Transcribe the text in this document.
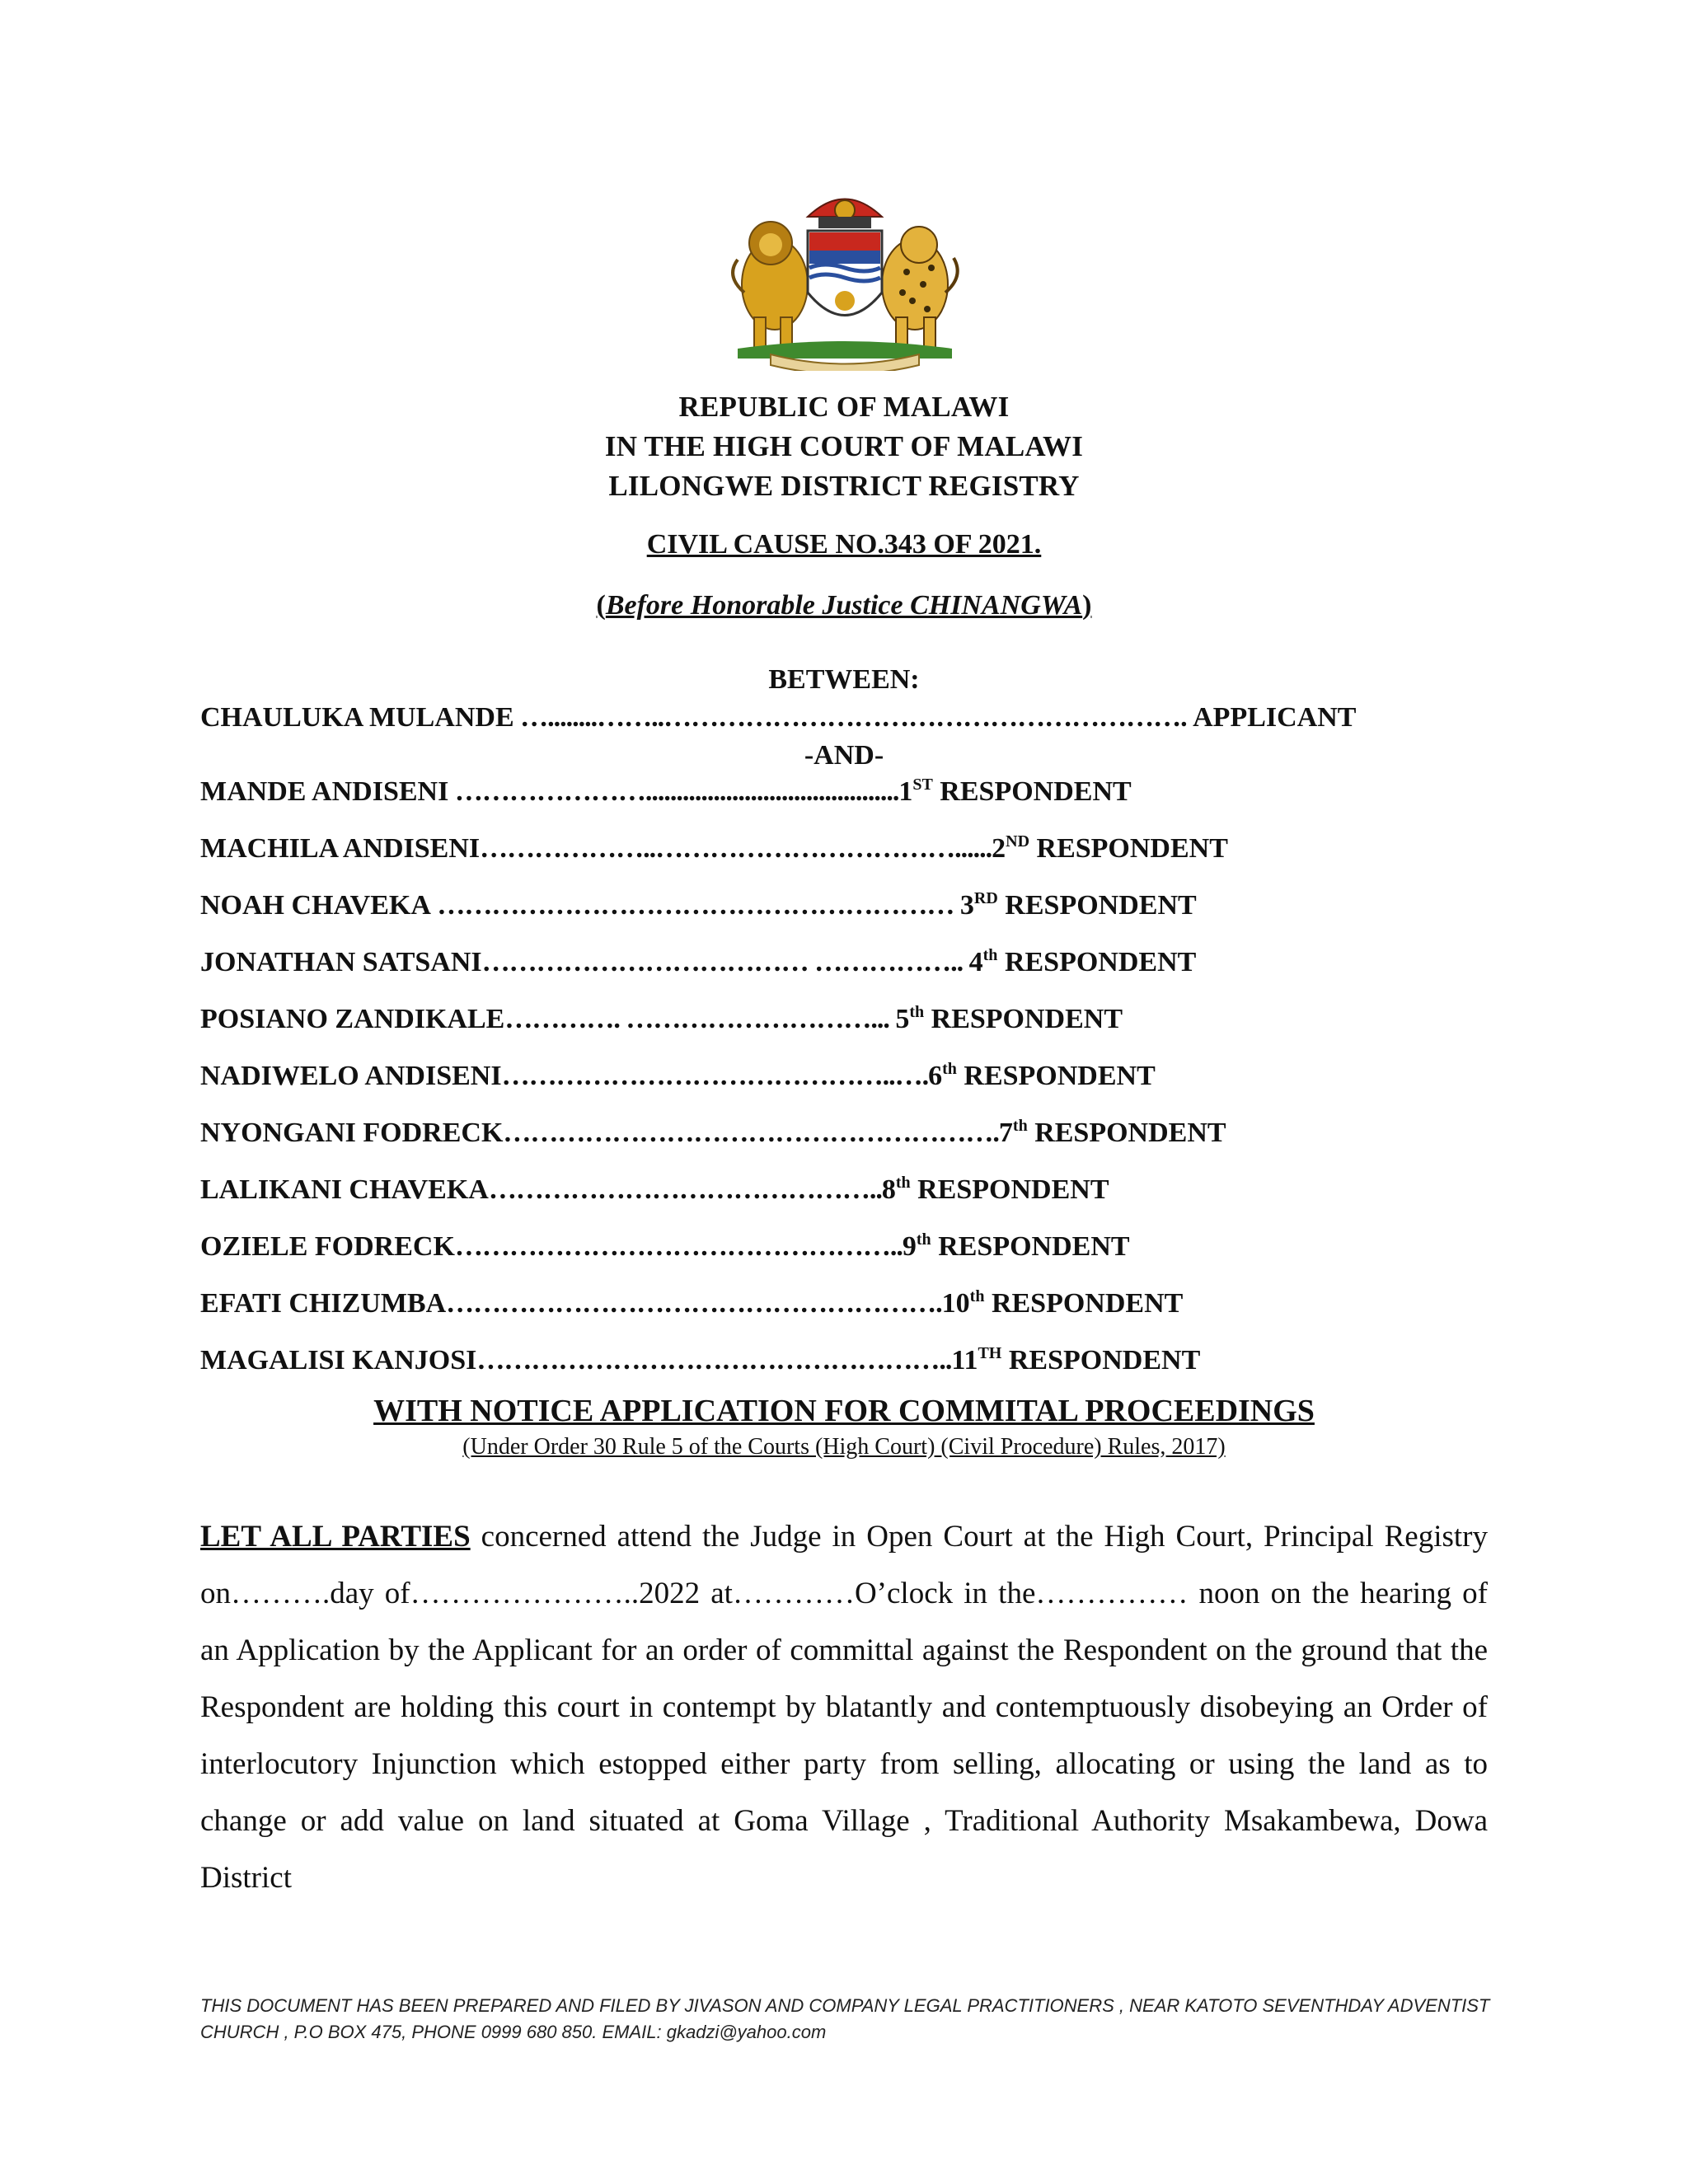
REPUBLIC OF MALAWI
IN THE HIGH COURT OF MALAWI
LILONGWE DISTRICT REGISTRY
CIVIL CAUSE NO.343 OF 2021.
(Before Honorable Justice CHINANGWA)
BETWEEN:
CHAULUKA MULANDE …........……..…………………………………………………. APPLICANT
-AND-
MANDE ANDISENI ………………….........................................1ST RESPONDENT
MACHILA ANDISENI………………..……………………………......2ND RESPONDENT
NOAH CHAVEKA ………………………………………………… 3RD RESPONDENT
JONATHAN SATSANI……………………………… …………….. 4th RESPONDENT
POSIANO ZANDIKALE…………. ………………………... 5th RESPONDENT
NADIWELO ANDISENI……………………………………..….6th RESPONDENT
NYONGANI FODRECK……………………………………………….7th RESPONDENT
LALIKANI CHAVEKA……………………………………..8th RESPONDENT
OZIELE FODRECK…………………………………………..9th RESPONDENT
EFATI CHIZUMBA……………………………………………….10th RESPONDENT
MAGALISI KANJOSI……………………………………………..11TH RESPONDENT
WITH NOTICE APPLICATION FOR COMMITAL PROCEEDINGS
(Under Order 30 Rule 5 of the Courts (High Court) (Civil Procedure) Rules, 2017)
LET ALL PARTIES concerned attend the Judge in Open Court at the High Court, Principal Registry on……….day of…………………..2022 at…………O’clock in the…………… noon on the hearing of an Application by the Applicant for an order of committal against the Respondent on the ground that the Respondent are holding this court in contempt by blatantly and contemptuously disobeying an Order of interlocutory Injunction which estopped either party from selling, allocating or using the land as to change or add value on land situated at Goma Village , Traditional Authority Msakambewa, Dowa District
THIS DOCUMENT HAS BEEN PREPARED AND FILED BY JIVASON AND COMPANY LEGAL PRACTITIONERS , NEAR KATOTO SEVENTHDAY ADVENTIST CHURCH , P.O BOX 475, PHONE 0999 680 850. EMAIL: gkadzi@yahoo.com
